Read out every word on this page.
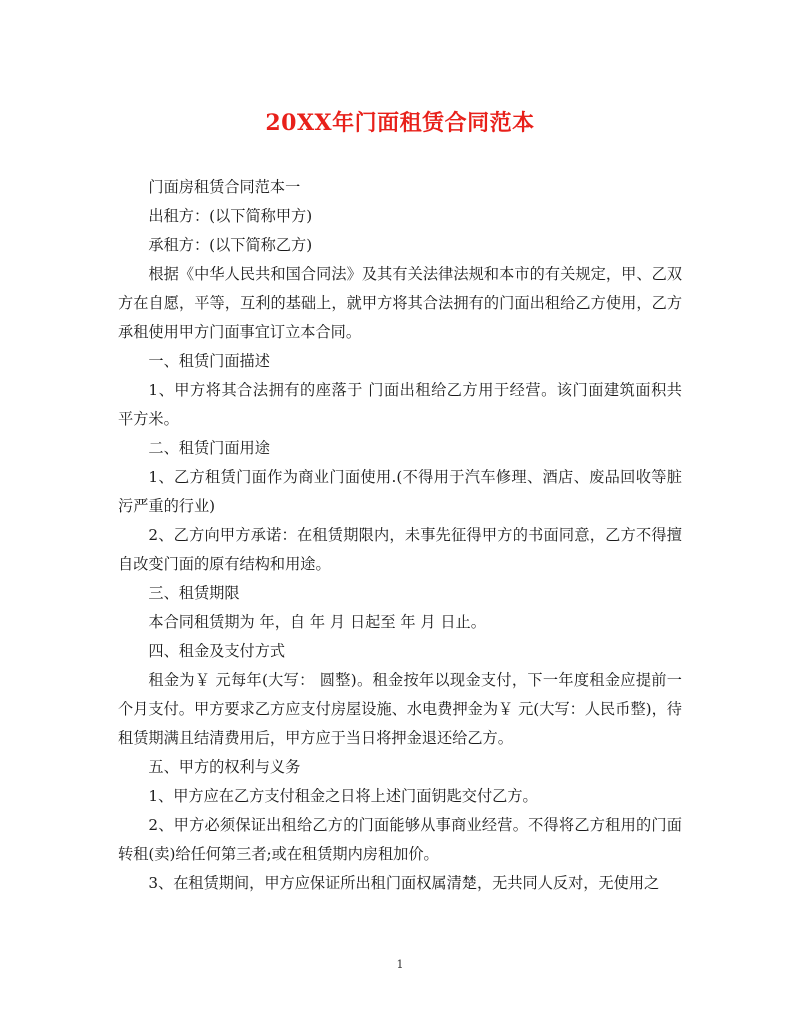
20XX年门面租赁合同范本

门面房租赁合同范本一

出租方：(以下简称甲方)

承租方：(以下简称乙方)

根据《中华人民共和国合同法》及其有关法律法规和本市的有关规定，甲、乙双方在自愿，平等，互利的基础上，就甲方将其合法拥有的门面出租给乙方使用，乙方承租使用甲方门面事宜订立本合同。

一、租赁门面描述

1、甲方将其合法拥有的座落于 门面出租给乙方用于经营。该门面建筑面积共 平方米。

二、租赁门面用途

1、乙方租赁门面作为商业门面使用.(不得用于汽车修理、酒店、废品回收等脏污严重的行业)

2、乙方向甲方承诺：在租赁期限内，未事先征得甲方的书面同意，乙方不得擅自改变门面的原有结构和用途。

三、租赁期限

本合同租赁期为 年，自 年 月 日起至 年 月 日止。

四、租金及支付方式

租金为￥ 元每年(大写： 圆整)。租金按年以现金支付，下一年度租金应提前一个月支付。甲方要求乙方应支付房屋设施、水电费押金为￥ 元(大写：人民币整)，待租赁期满且结清费用后，甲方应于当日将押金退还给乙方。

五、甲方的权利与义务

1、甲方应在乙方支付租金之日将上述门面钥匙交付乙方。

2、甲方必须保证出租给乙方的门面能够从事商业经营。不得将乙方租用的门面转租(卖)给任何第三者;或在租赁期内房租加价。

3、在租赁期间，甲方应保证所出租门面权属清楚，无共同人反对，无使用之

1
